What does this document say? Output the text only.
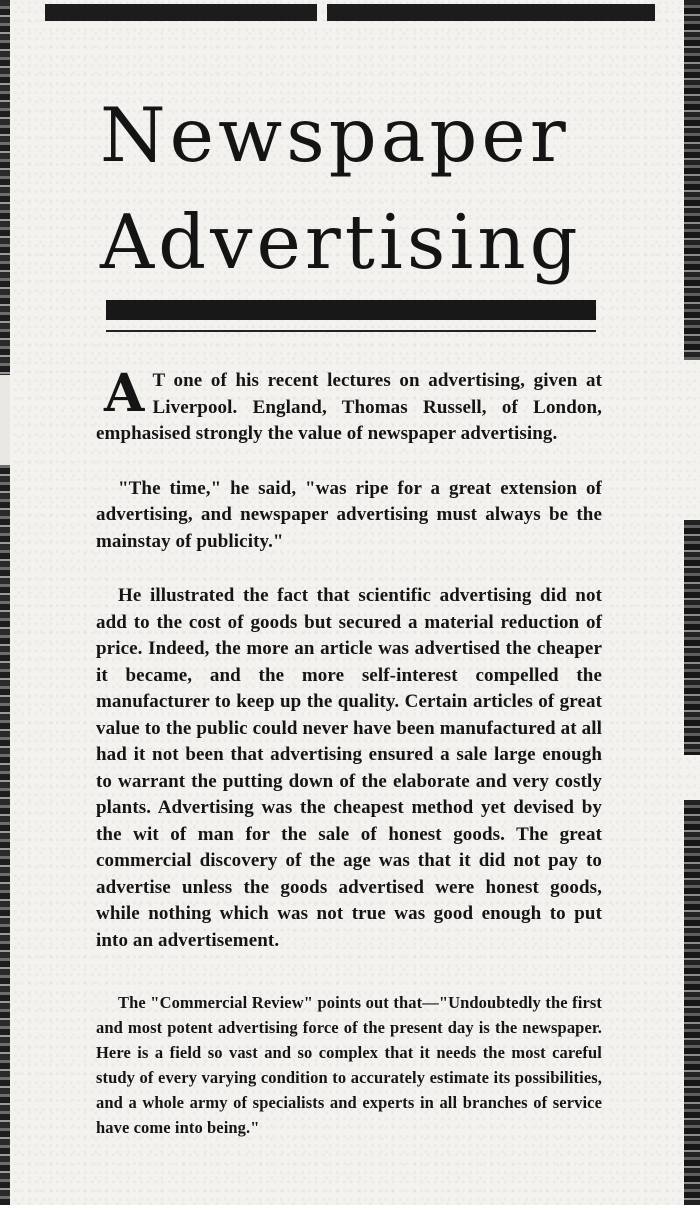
Newspaper
Advertising

A T one of his recent lectures on advertising, given at Liverpool. England, Thomas Russell, of London, emphasised strongly the value of newspaper advertising.

"The time," he said, "was ripe for a great extension of advertising, and newspaper advertising must always be the mainstay of publicity."

He illustrated the fact that scientific advertising did not add to the cost of goods but secured a material reduction of price. Indeed, the more an article was advertised the cheaper it became, and the more self-interest compelled the manufacturer to keep up the quality. Certain articles of great value to the public could never have been manufactured at all had it not been that advertising ensured a sale large enough to warrant the putting down of the elaborate and very costly plants. Advertising was the cheapest method yet devised by the wit of man for the sale of honest goods. The great commercial discovery of the age was that it did not pay to advertise unless the goods advertised were honest goods, while nothing which was not true was good enough to put into an advertisement.

The "Commercial Review" points out that—"Undoubtedly the first and most potent advertising force of the present day is the newspaper. Here is a field so vast and so complex that it needs the most careful study of every varying condition to accurately estimate its possibilities, and a whole army of specialists and experts in all branches of service have come into being."
